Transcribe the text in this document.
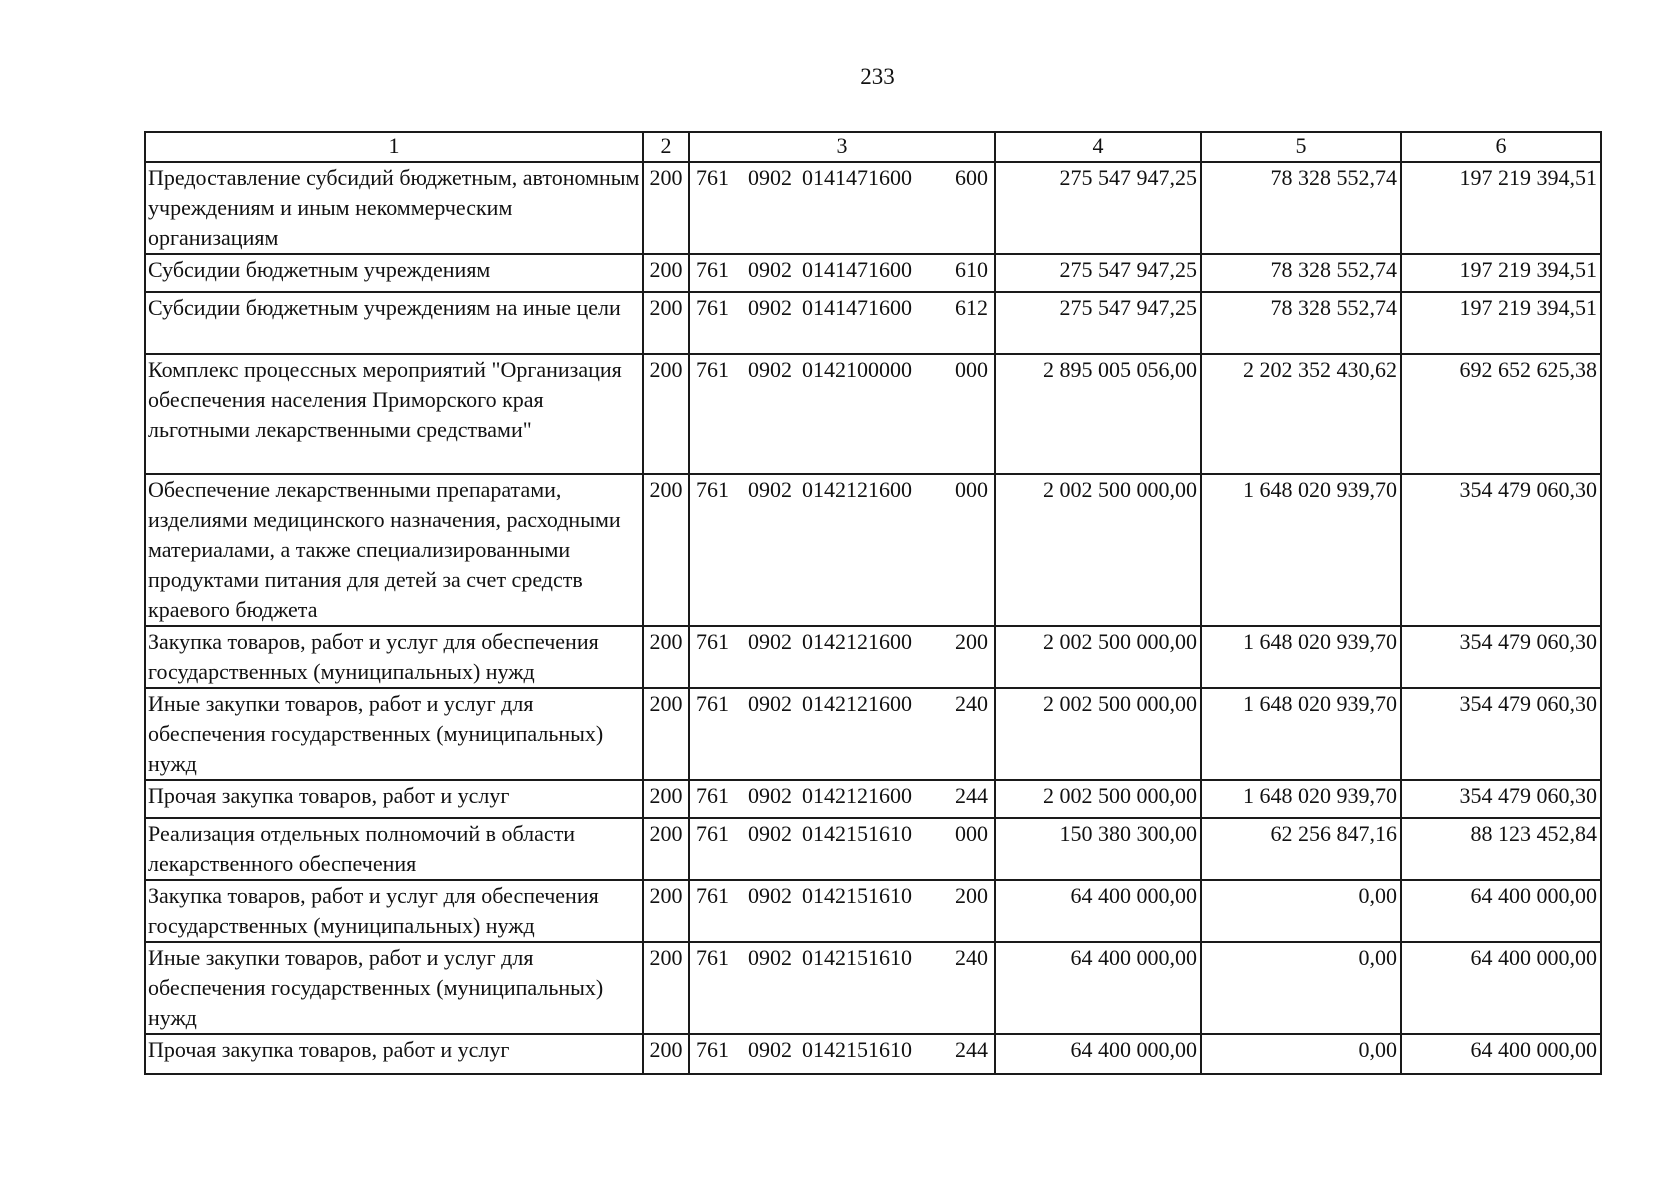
233
1	2	3	4	5	6
Предоставление субсидий бюджетным, автономным учреждениям и иным некоммерческим организациям	200	761 0902 0141471600 600	275 547 947,25	78 328 552,74	197 219 394,51
Субсидии бюджетным учреждениям	200	761 0902 0141471600 610	275 547 947,25	78 328 552,74	197 219 394,51
Субсидии бюджетным учреждениям на иные цели	200	761 0902 0141471600 612	275 547 947,25	78 328 552,74	197 219 394,51
Комплекс процессных мероприятий "Организация обеспечения населения Приморского края льготными лекарственными средствами"	200	761 0902 0142100000 000	2 895 005 056,00	2 202 352 430,62	692 652 625,38
Обеспечение лекарственными препаратами, изделиями медицинского назначения, расходными материалами, а также специализированными продуктами питания для детей за счет средств краевого бюджета	200	761 0902 0142121600 000	2 002 500 000,00	1 648 020 939,70	354 479 060,30
Закупка товаров, работ и услуг для обеспечения государственных (муниципальных) нужд	200	761 0902 0142121600 200	2 002 500 000,00	1 648 020 939,70	354 479 060,30
Иные закупки товаров, работ и услуг для обеспечения государственных (муниципальных) нужд	200	761 0902 0142121600 240	2 002 500 000,00	1 648 020 939,70	354 479 060,30
Прочая закупка товаров, работ и услуг	200	761 0902 0142121600 244	2 002 500 000,00	1 648 020 939,70	354 479 060,30
Реализация отдельных полномочий в области лекарственного обеспечения	200	761 0902 0142151610 000	150 380 300,00	62 256 847,16	88 123 452,84
Закупка товаров, работ и услуг для обеспечения государственных (муниципальных) нужд	200	761 0902 0142151610 200	64 400 000,00	0,00	64 400 000,00
Иные закупки товаров, работ и услуг для обеспечения государственных (муниципальных) нужд	200	761 0902 0142151610 240	64 400 000,00	0,00	64 400 000,00
Прочая закупка товаров, работ и услуг	200	761 0902 0142151610 244	64 400 000,00	0,00	64 400 000,00
